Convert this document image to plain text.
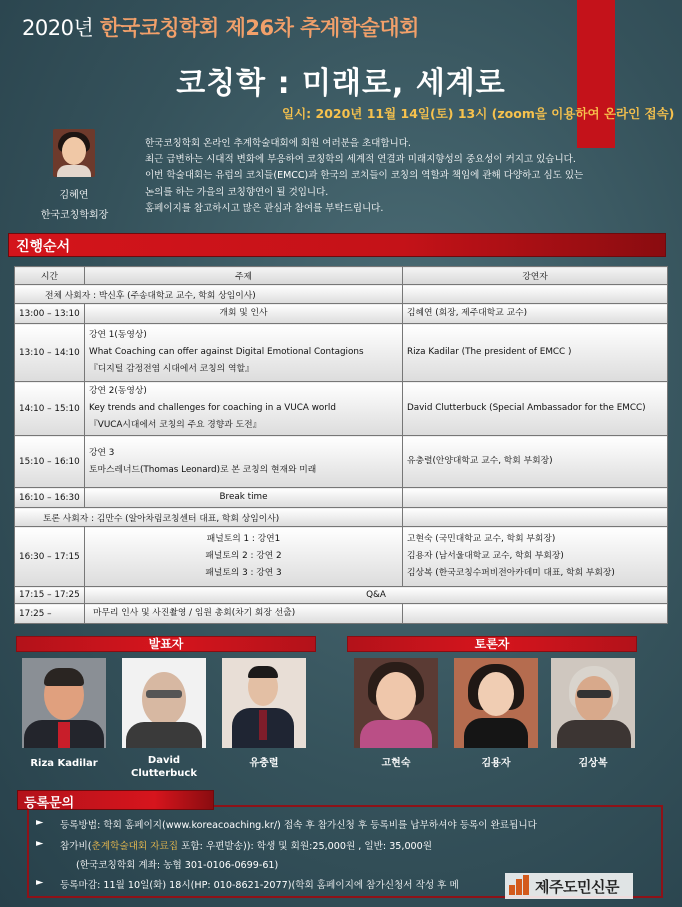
2020년 한국코칭학회 제26차 추계학술대회
코칭학 : 미래로, 세계로
일시: 2020년 11월 14일(토) 13시 (zoom을 이용하여 온라인 접속)
김혜연
한국코칭학회장

한국코칭학회 온라인 추계학술대회에 회원 여러분을 초대합니다.

최근 급변하는 시대적 변화에 부응하여 코칭학의 세계적 연결과 미래지향성의 중요성이 커지고 있습니다.

이번 학술대회는 유럽의 코치들(EMCC)과 한국의 코치들이 코칭의 역할과 책임에 관해 다양하고 심도 있는

논의를 하는 가을의 코칭향연이 될 것입니다.

홈페이지를 참고하시고 많은 관심과 참여를 부탁드립니다.

진행순서
시간	주제	강연자
전체 사회자 : 박신후 (주송대학교 교수, 학회 상임이사)		
13:00 – 13:10	개회 및 인사	김혜연 (회장, 제주대학교 교수)

13:10 – 14:10	강연 1(동영상)
What Coaching can offer against Digital Emotional Contagions
『디지털 감정전염 시대에서 코칭의 역할』	Riza Kadilar (The president of EMCC )

14:10 – 15:10	강연 2(동영상)
Key trends and challenges for coaching in a VUCA world
『VUCA시대에서 코칭의 주요 경향과 도전』	David Clutterbuck (Special Ambassador for the EMCC)

15:10 – 16:10	강연 3
토마스레너드(Thomas Leonard)로 본 코칭의 현재와 미래	유충렬(안양대학교 교수, 학회 부회장)

16:10 – 16:30	Break time	

토론 사회자 : 김만수 (알아차림코칭센터 대표, 학회 상임이사)		
16:30 – 17:15	패널토의 1 : 강연1
패널토의 2 : 강연 2
패널토의 3 : 강연 3	고현숙 (국민대학교 교수, 학회 부회장)
김용자 (남서울대학교 교수, 학회 부회장)
김상복 (한국코칭수퍼비전아카데미 대표, 학회 부회장)

17:15 – 17:25	Q&A	

17:25 –	마무리 인사 및 사진촬영 / 임원 총회(차기 회장 선출)	

발표자	토론자
Riza Kadilar	David
Clutterbuck
유충렬	고현숙	김용자	김상복
등록문의
► 등록방법: 학회 홈페이지(www.koreacoaching.kr/) 접속 후 참가신청 후 등록비를 납부하셔야 등록이 완료됩니다
► 참가비(춘계학술대회 자료집 포함: 우편발송)): 학생 및 회원:25,000원 , 일반: 35,000원
(한국코칭학회 계좌: 농협 301-0106-0699-61)
► 등록마감: 11월 10일(화) 18시(HP: 010-8621-2077)(학회 홈페이지에 참가신청서 작성 후 메	제주도민신문
